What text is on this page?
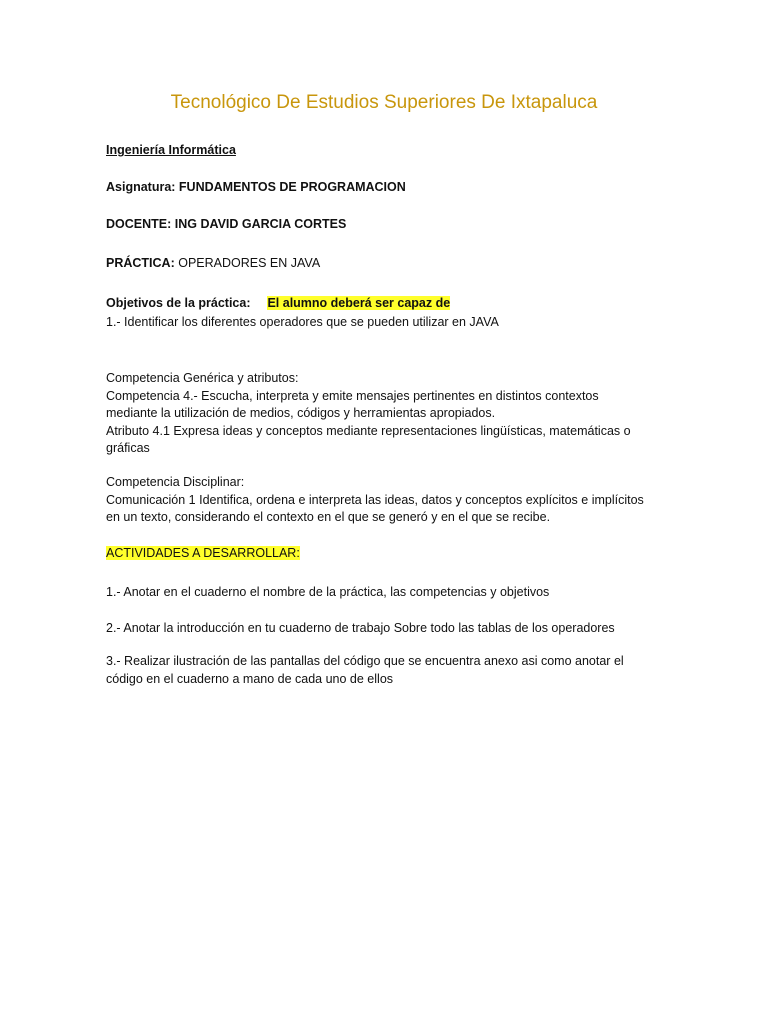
Tecnológico De Estudios Superiores De Ixtapaluca
Ingeniería Informática
Asignatura: FUNDAMENTOS DE PROGRAMACION
DOCENTE: ING DAVID GARCIA CORTES
PRÁCTICA: OPERADORES EN JAVA
Objetivos de la práctica: El alumno deberá ser capaz de
1.- Identificar los diferentes operadores que se pueden utilizar en JAVA

Competencia Genérica y atributos:

Competencia 4.- Escucha, interpreta y emite mensajes pertinentes en distintos contextos mediante la utilización de medios, códigos y herramientas apropiados.

Atributo 4.1 Expresa ideas y conceptos mediante representaciones lingüísticas, matemáticas o gráficas

Competencia Disciplinar:

Comunicación 1 Identifica, ordena e interpreta las ideas, datos y conceptos explícitos e implícitos en un texto, considerando el contexto en el que se generó y en el que se recibe.

ACTIVIDADES A DESARROLLAR:
1.- Anotar en el cuaderno el nombre de la práctica, las competencias y objetivos
2.- Anotar la introducción en tu cuaderno de trabajo Sobre todo las tablas de los operadores

3.- Realizar ilustración de las pantallas del código que se encuentra anexo asi como anotar el código en el cuaderno a mano de cada uno de ellos
